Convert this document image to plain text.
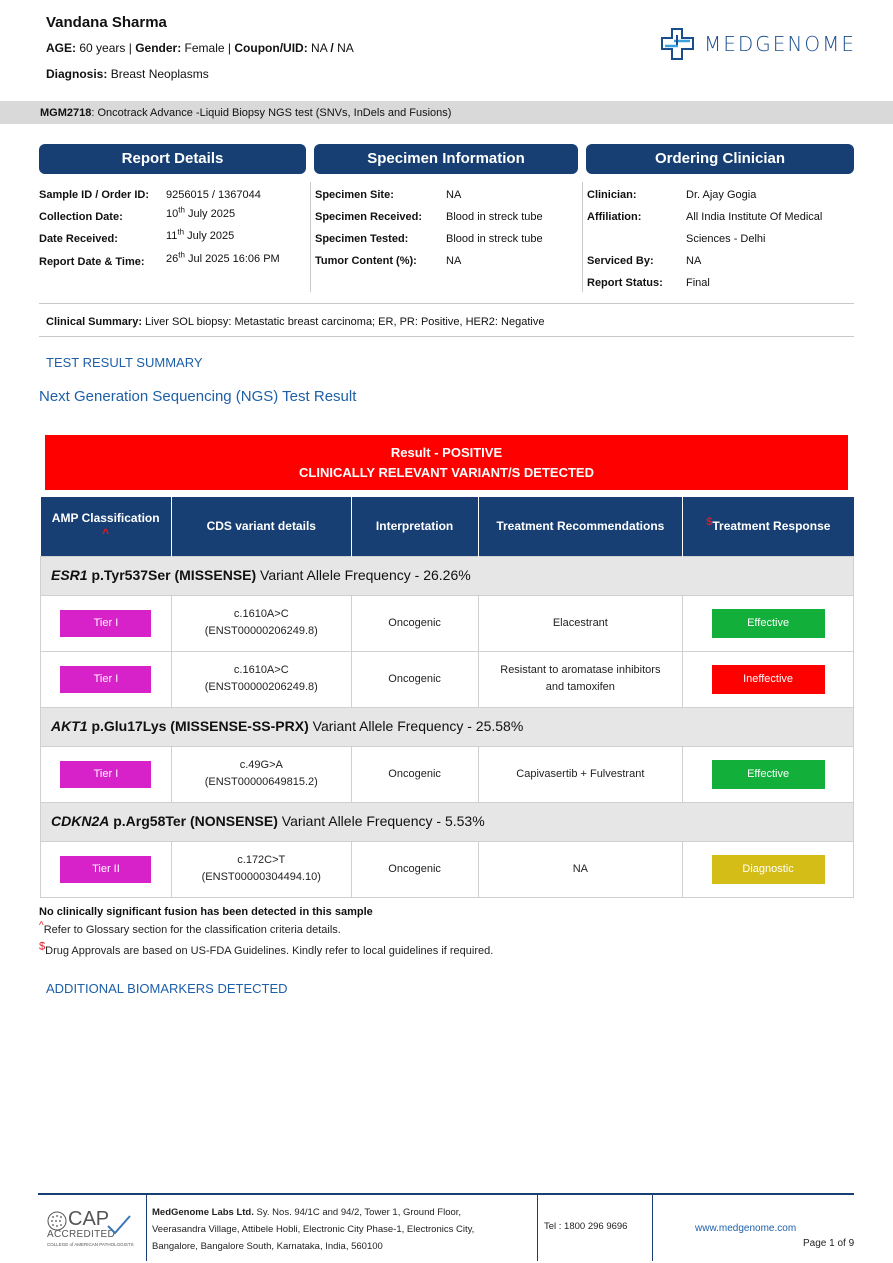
Vandana Sharma
AGE: 60 years | Gender: Female | Coupon/UID: NA / NA
Diagnosis: Breast Neoplasms
MEDGENOME
MGM2718: Oncotrack Advance -Liquid Biopsy NGS test (SNVs, InDels and Fusions)
Report Details	Specimen Information	Ordering Clinician
Sample ID / Order ID: 9256015 / 1367044
Collection Date:	10th July 2025
Date Received:	11th July 2025
Report Date & Time: 26th Jul 2025 16:06 PM
Specimen Site:	NA
Specimen Received: Blood in streck tube
Specimen Tested:	Blood in streck tube
Tumor Content (%):	NA
Clinician:	Dr. Ajay Gogia
Affiliation:	All India Institute Of Medical
Sciences - Delhi
Serviced By:	NA
Report Status: Final
Clinical Summary: Liver SOL biopsy: Metastatic breast carcinoma; ER, PR: Positive, HER2: Negative
TEST RESULT SUMMARY
Next Generation Sequencing (NGS) Test Result
Result - POSITIVE
CLINICALLY RELEVANT VARIANT/S DETECTED
AMP Classification
^	CDS variant details	Interpretation	Treatment Recommendations	$Treatment Response
ESR1 p.Tyr537Ser (MISSENSE) Variant Allele Frequency - 26.26%				
Tier I	c.1610A>C
(ENST00000206249.8)	Oncogenic	Elacestrant	Effective
Tier I	c.1610A>C
(ENST00000206249.8)	Oncogenic	Resistant to aromatase inhibitors
and tamoxifen	Ineffective
AKT1 p.Glu17Lys (MISSENSE-SS-PRX) Variant Allele Frequency - 25.58%				
Tier I	c.49G>A
(ENST00000649815.2)	Oncogenic	Capivasertib + Fulvestrant	Effective
CDKN2A p.Arg58Ter (NONSENSE) Variant Allele Frequency - 5.53%				
Tier II	c.172C>T
(ENST00000304494.10)	Oncogenic	NA	Diagnostic
No clinically significant fusion has been detected in this sample
^Refer to Glossary section for the classification criteria details.
$Drug Approvals are based on US-FDA Guidelines. Kindly refer to local guidelines if required.
ADDITIONAL BIOMARKERS DETECTED
CAP
ACCREDITED
COLLEGE of AMERICAN PATHOLOGISTS
MedGenome Labs Ltd. Sy. Nos. 94/1C and 94/2, Tower 1, Ground Floor,
Veerasandra Village, Attibele Hobli, Electronic City Phase-1, Electronics City,
Bangalore, Bangalore South, Karnataka, India, 560100
Tel : 1800 296 9696	www.medgenome.com
Page 1 of 9
